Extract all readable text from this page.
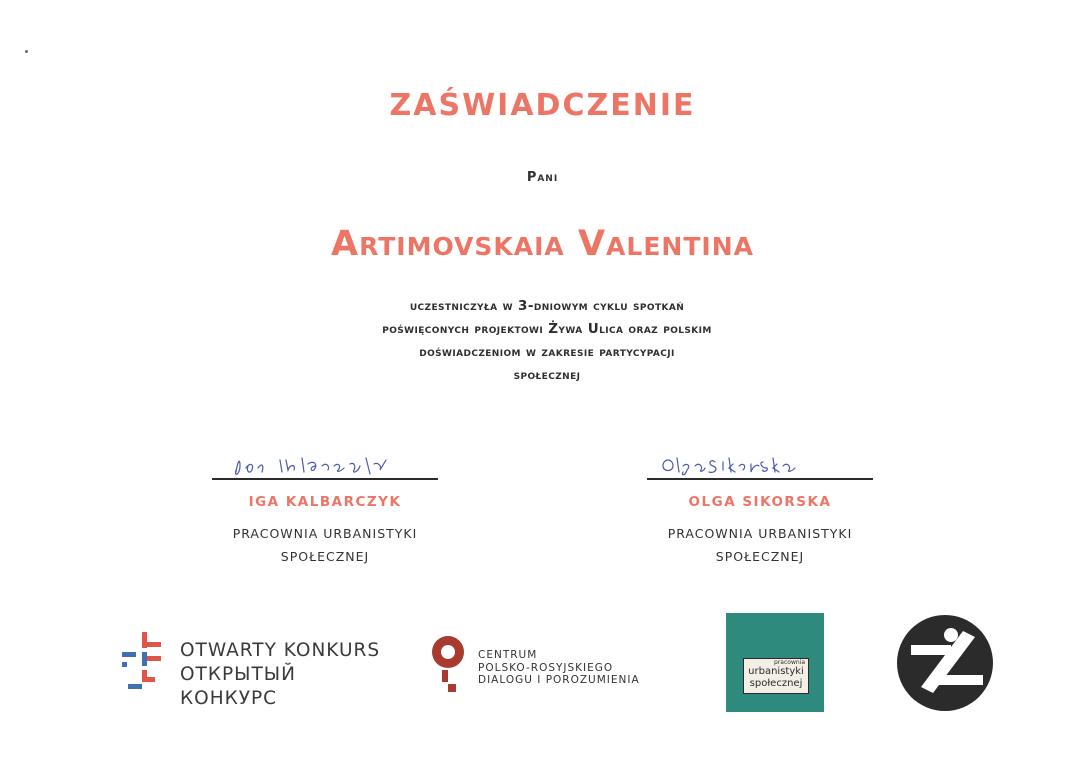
ZAŚWIADCZENIE
Pani
Artimovskaia Valentina
uczestniczyła w 3-dniowym cyklu spotkań
poświęconych projektowi Żywa Ulica oraz polskim
doświadczeniom w zakresie partycypacji
społecznej
IGA KALBARCZYK
PRACOWNIA URBANISTYKI
SPOŁECZNEJ
OLGA SIKORSKA
PRACOWNIA URBANISTYKI
SPOŁECZNEJ
OTWARTY KONKURS
ОТКРЫТЫЙ КОНКУРС
CENTRUM
POLSKO-ROSYJSKIEGO
DIALOGU I POROZUMIENIA
pracownia
urbanistyki
społecznej
